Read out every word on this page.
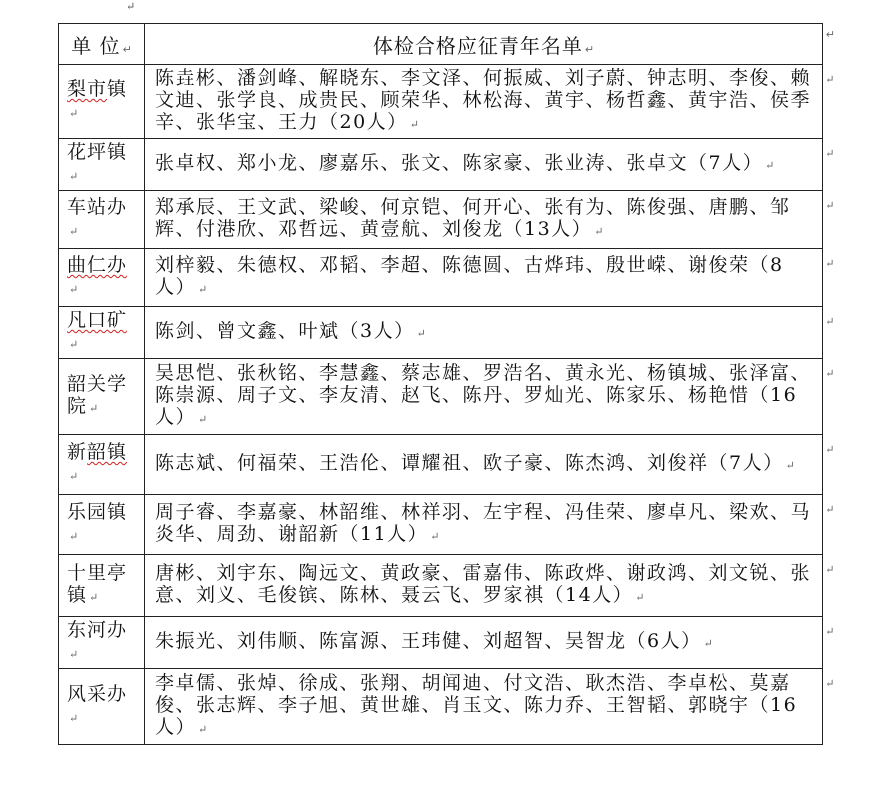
↵
单 位 ↵	体检合格应征青年名单 ↵
↵

梨市镇↵	陈垚彬、潘剑峰、解晓东、李文泽、何振威、刘子蔚、钟志明、李俊、赖文迪、张学良、成贵民、顾荣华、林松海、黄宇、杨哲鑫、黄宇浩、侯季辛、张华宝、王力（20人） ↵
↵

花坪镇↵	张卓权、郑小龙、廖嘉乐、张文、陈家豪、张业涛、张卓文（7人） ↵
↵

车站办↵	郑承辰、王文武、梁峻、何京铠、何开心、张有为、陈俊强、唐鹏、邹辉、付港欣、邓哲远、黄壹航、刘俊龙（13人） ↵
↵

曲仁办↵	刘梓毅、朱德权、邓韬、李超、陈德圆、古烨玮、殷世嵘、谢俊荣（8人） ↵
↵

凡口矿↵	陈剑、曾文鑫、叶斌（3人） ↵
↵

韶关学院 ↵	吴思恺、张秋铭、李慧鑫、蔡志雄、罗浩名、黄永光、杨镇城、张泽富、陈崇源、周子文、李友清、赵飞、陈丹、罗灿光、陈家乐、杨艳惜（16人） ↵
↵

新韶镇↵	陈志斌、何福荣、王浩伦、谭耀祖、欧子豪、陈杰鸿、刘俊祥（7人） ↵
↵

乐园镇↵	周子睿、李嘉豪、林韶维、林祥羽、左宇程、冯佳荣、廖卓凡、梁欢、马炎华、周劲、谢韶新（11人） ↵
↵

十里亭镇 ↵	唐彬、刘宇东、陶远文、黄政豪、雷嘉伟、陈政烨、谢政鸿、刘文锐、张意、刘义、毛俊镔、陈林、聂云飞、罗家祺（14人） ↵
↵

东河办↵	朱振光、刘伟顺、陈富源、王玮健、刘超智、吴智龙（6人） ↵
↵

风采办↵	李卓儒、张焯、徐成、张翔、胡闻迪、付文浩、耿杰浩、李卓松、莫嘉俊、张志辉、李子旭、黄世雄、肖玉文、陈力乔、王智韬、郭晓宇（16人） ↵
↵
